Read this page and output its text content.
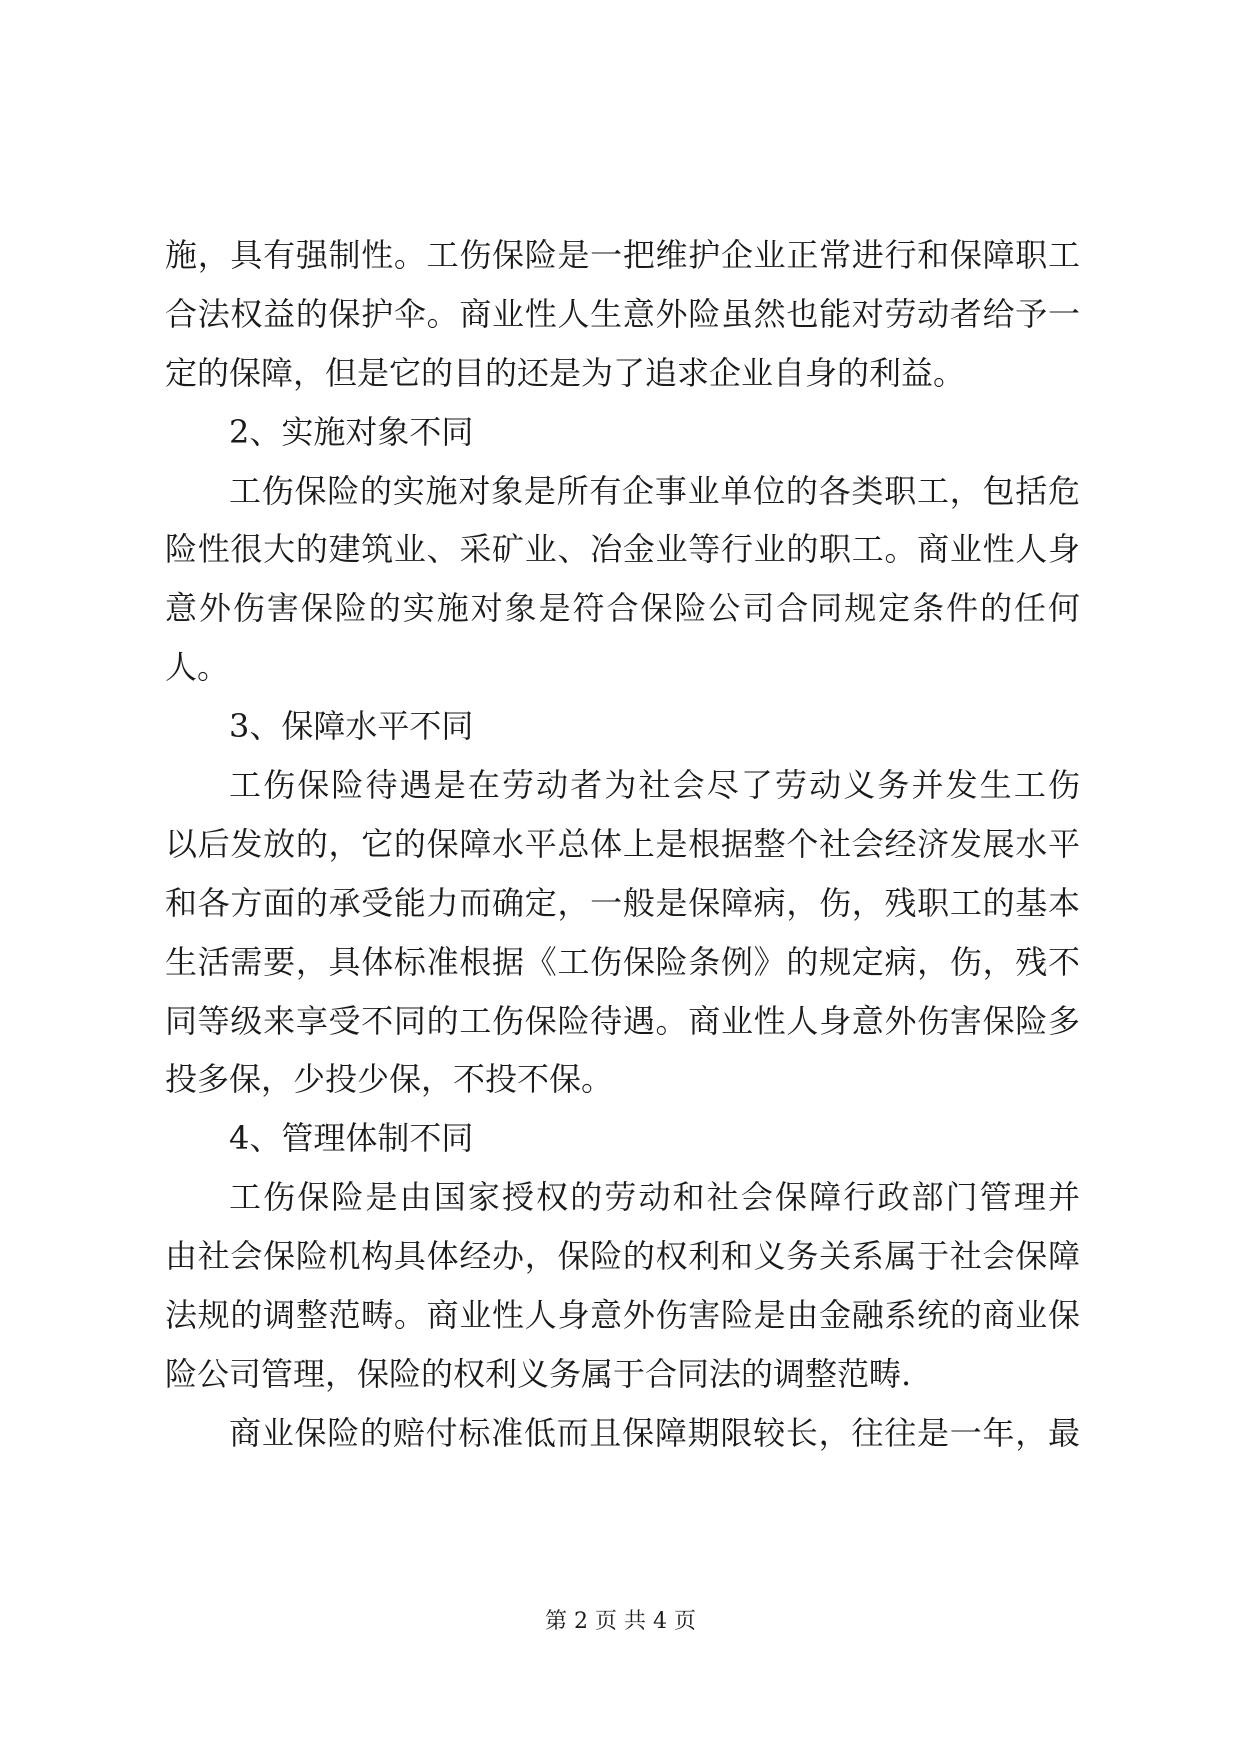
施，具有强制性。工伤保险是一把维护企业正常进行和保障职工
合法权益的保护伞。商业性人生意外险虽然也能对劳动者给予一
定的保障，但是它的目的还是为了追求企业自身的利益。
2、实施对象不同
工伤保险的实施对象是所有企事业单位的各类职工，包括危
险性很大的建筑业、采矿业、冶金业等行业的职工。商业性人身
意外伤害保险的实施对象是符合保险公司合同规定条件的任何
人。
3、保障水平不同
工伤保险待遇是在劳动者为社会尽了劳动义务并发生工伤
以后发放的，它的保障水平总体上是根据整个社会经济发展水平
和各方面的承受能力而确定，一般是保障病，伤，残职工的基本
生活需要，具体标准根据《工伤保险条例》的规定病，伤，残不
同等级来享受不同的工伤保险待遇。商业性人身意外伤害保险多
投多保，少投少保，不投不保。
4、管理体制不同
工伤保险是由国家授权的劳动和社会保障行政部门管理并
由社会保险机构具体经办，保险的权利和义务关系属于社会保障
法规的调整范畴。商业性人身意外伤害险是由金融系统的商业保
险公司管理，保险的权利义务属于合同法的调整范畴.
商业保险的赔付标准低而且保障期限较长，往往是一年，最
第 2 页 共 4 页
